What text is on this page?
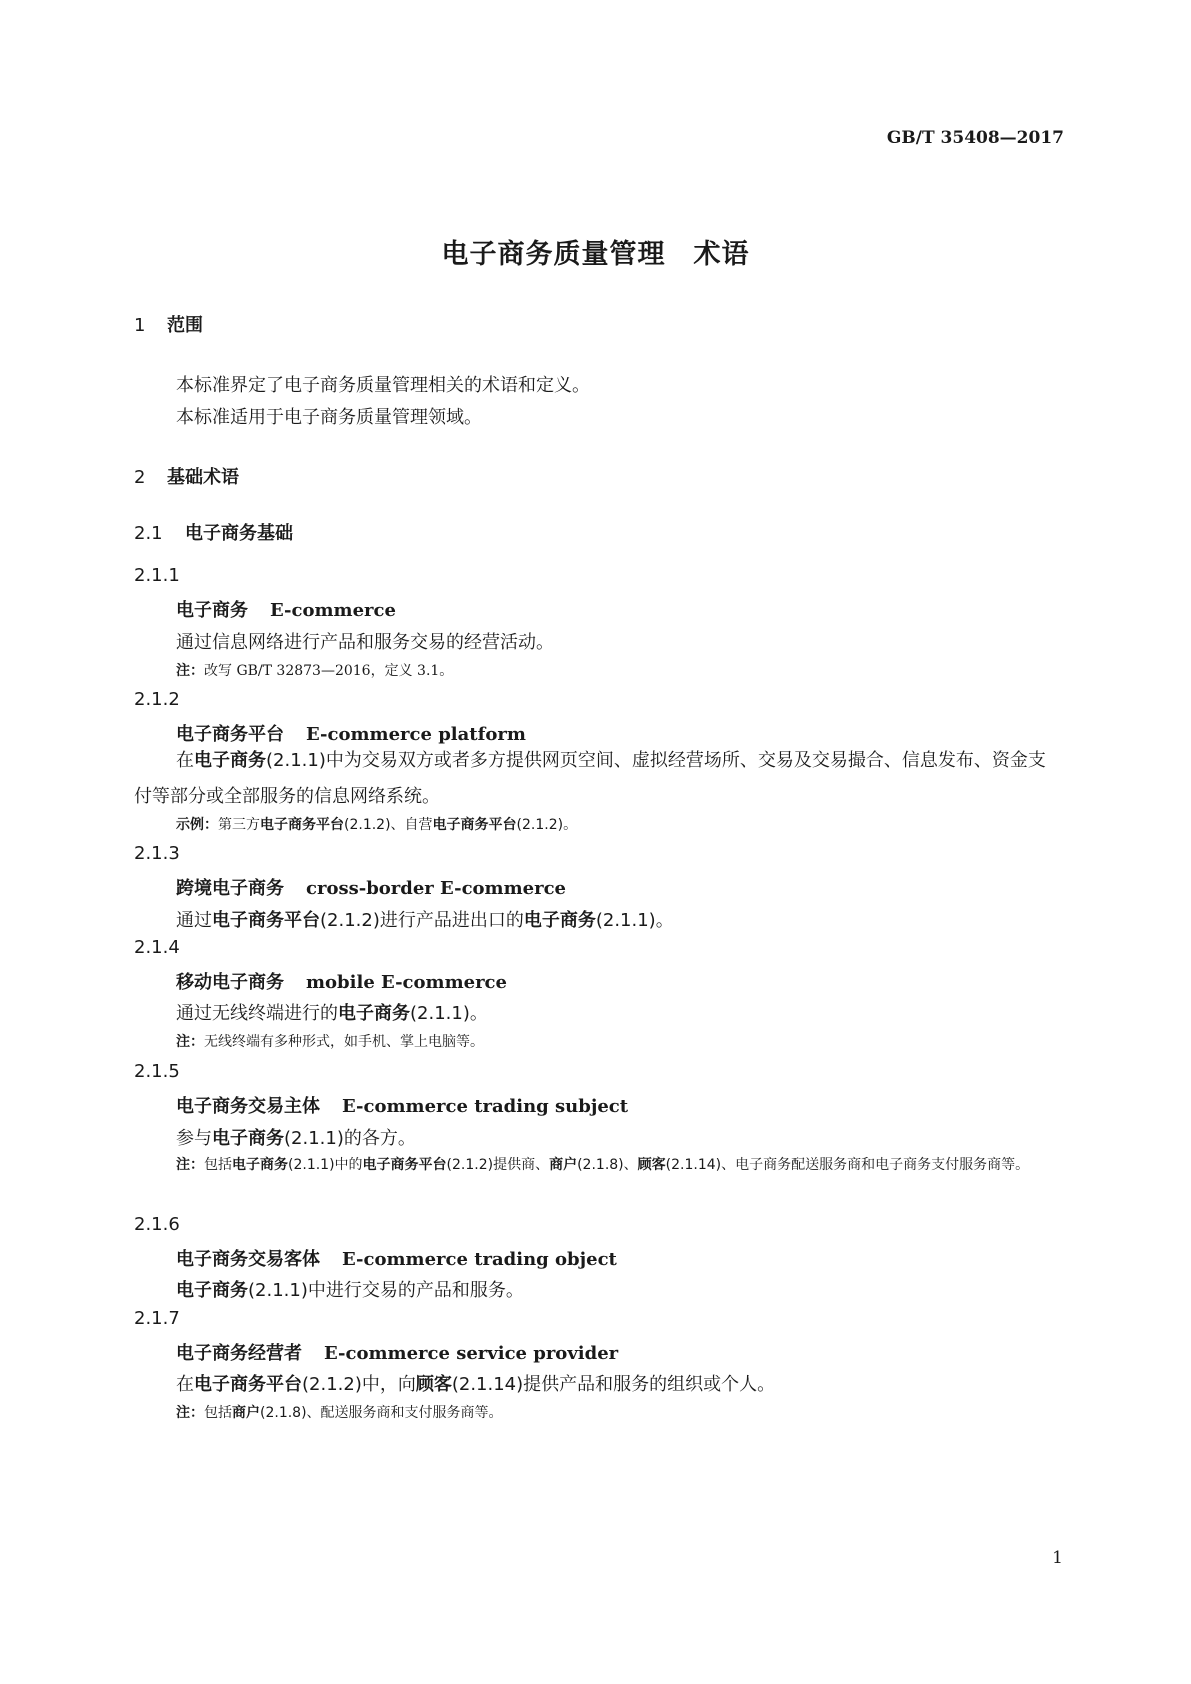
GB/T 35408—2017
电子商务质量管理　术语
1 范围
本标准界定了电子商务质量管理相关的术语和定义。
本标准适用于电子商务质量管理领域。
2 基础术语
2.1 电子商务基础
2.1.1
电子商务 E-commerce
通过信息网络进行产品和服务交易的经营活动。
注：改写 GB/T 32873—2016，定义 3.1。
2.1.2
电子商务平台 E-commerce platform
在电子商务(2.1.1)中为交易双方或者多方提供网页空间、虚拟经营场所、交易及交易撮合、信息发布、资金支付等部分或全部服务的信息网络系统。
示例：第三方电子商务平台(2.1.2)、自营电子商务平台(2.1.2)。
2.1.3
跨境电子商务 cross-border E-commerce
通过电子商务平台(2.1.2)进行产品进出口的电子商务(2.1.1)。
2.1.4
移动电子商务 mobile E-commerce
通过无线终端进行的电子商务(2.1.1)。
注：无线终端有多种形式，如手机、掌上电脑等。
2.1.5
电子商务交易主体 E-commerce trading subject
参与电子商务(2.1.1)的各方。
注：包括电子商务(2.1.1)中的电子商务平台(2.1.2)提供商、商户(2.1.8)、顾客(2.1.14)、电子商务配送服务商和电子商务支付服务商等。
2.1.6
电子商务交易客体 E-commerce trading object
电子商务(2.1.1)中进行交易的产品和服务。
2.1.7
电子商务经营者 E-commerce service provider
在电子商务平台(2.1.2)中，向顾客(2.1.14)提供产品和服务的组织或个人。
注：包括商户(2.1.8)、配送服务商和支付服务商等。
1
